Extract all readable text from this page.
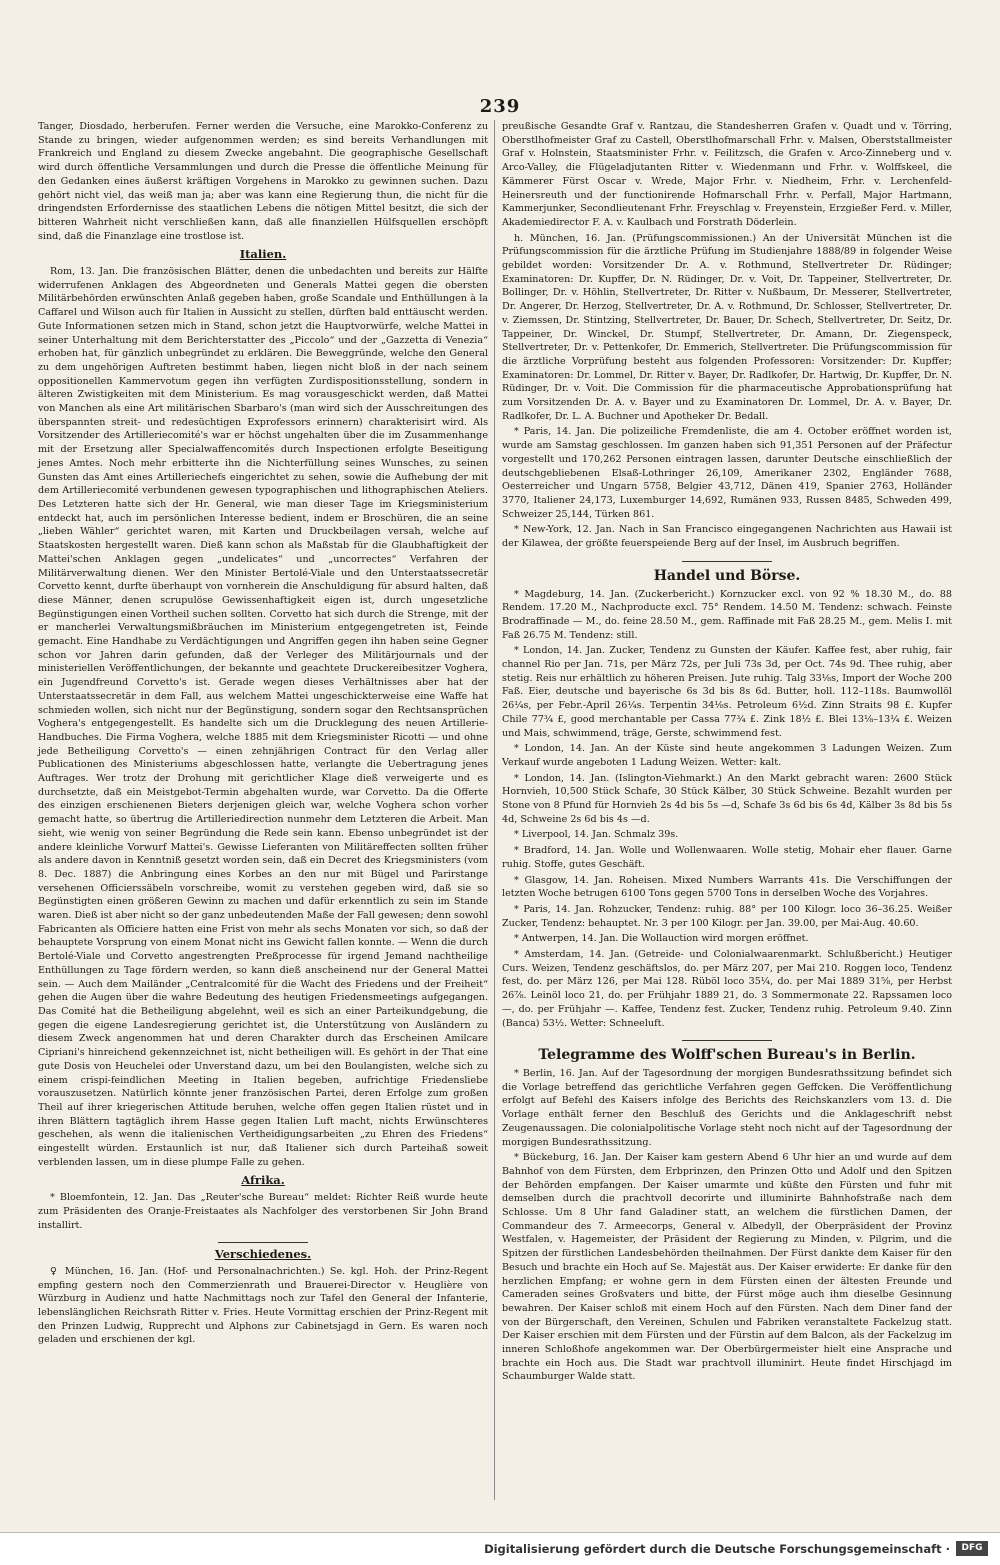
239

Tanger, Diosdado, herberufen. Ferner werden die Versuche, eine Marokko-Conferenz zu Stande zu bringen, wieder aufgenommen werden; es sind bereits Verhandlungen mit Frankreich und England zu diesem Zwecke angebahnt. Die geographische Gesellschaft wird durch öffentliche Versammlungen und durch die Presse die öffentliche Meinung für den Gedanken eines äußerst kräftigen Vorgehens in Marokko zu gewinnen suchen. Dazu gehört nicht viel, das weiß man ja; aber was kann eine Regierung thun, die nicht für die dringendsten Erfordernisse des staatlichen Lebens die nötigen Mittel besitzt, die sich der bitteren Wahrheit nicht verschließen kann, daß alle finanziellen Hülfsquellen erschöpft sind, daß die Finanzlage eine trostlose ist.

Italien.

Rom, 13. Jan. Die französischen Blätter, denen die unbedachten und bereits zur Hälfte widerrufenen Anklagen des Abgeordneten und Generals Mattei gegen die obersten Militärbehörden erwünschten Anlaß gegeben haben, große Scandale und Enthüllungen à la Caffarel und Wilson auch für Italien in Aussicht zu stellen, dürften bald enttäuscht werden. Gute Informationen setzen mich in Stand, schon jetzt die Hauptvorwürfe, welche Mattei in seiner Unterhaltung mit dem Berichterstatter des „Piccolo“ und der „Gazzetta di Venezia“ erhoben hat, für gänzlich unbegründet zu erklären. Die Beweggründe, welche den General zu dem ungehörigen Auftreten bestimmt haben, liegen nicht bloß in der nach seinem oppositionellen Kammervotum gegen ihn verfügten Zurdispositionsstellung, sondern in älteren Zwistigkeiten mit dem Ministerium. Es mag vorausgeschickt werden, daß Mattei von Manchen als eine Art militärischen Sbarbaro's (man wird sich der Ausschreitungen des überspannten streit- und redesüchtigen Exprofessors erinnern) charakterisirt wird. Als Vorsitzender des Artilleriecomité's war er höchst ungehalten über die im Zusammenhange mit der Ersetzung aller Specialwaffencomités durch Inspectionen erfolgte Beseitigung jenes Amtes. Noch mehr erbitterte ihn die Nichterfüllung seines Wunsches, zu seinen Gunsten das Amt eines Artilleriechefs eingerichtet zu sehen, sowie die Aufhebung der mit dem Artilleriecomité verbundenen gewesen typographischen und lithographischen Ateliers. Des Letzteren hatte sich der Hr. General, wie man dieser Tage im Kriegsministerium entdeckt hat, auch im persönlichen Interesse bedient, indem er Broschüren, die an seine „lieben Wähler“ gerichtet waren, mit Karten und Druckbeilagen versah, welche auf Staatskosten hergestellt waren. Dieß kann schon als Maßstab für die Glaubhaftigkeit der Mattei'schen Anklagen gegen „undelicates“ und „uncorrectes“ Verfahren der Militärverwaltung dienen. Wer den Minister Bertolé-Viale und den Unterstaatssecretär Corvetto kennt, durfte überhaupt von vornherein die Anschuldigung für absurd halten, daß diese Männer, denen scrupulöse Gewissenhaftigkeit eigen ist, durch ungesetzliche Begünstigungen einen Vortheil suchen sollten. Corvetto hat sich durch die Strenge, mit der er mancherlei Verwaltungsmißbräuchen im Ministerium entgegengetreten ist, Feinde gemacht. Eine Handhabe zu Verdächtigungen und Angriffen gegen ihn haben seine Gegner schon vor Jahren darin gefunden, daß der Verleger des Militärjournals und der ministeriellen Veröffentlichungen, der bekannte und geachtete Druckereibesitzer Voghera, ein Jugendfreund Corvetto's ist. Gerade wegen dieses Verhältnisses aber hat der Unterstaatssecretär in dem Fall, aus welchem Mattei ungeschickterweise eine Waffe hat schmieden wollen, sich nicht nur der Begünstigung, sondern sogar den Rechtsansprüchen Voghera's entgegengestellt. Es handelte sich um die Drucklegung des neuen Artillerie-Handbuches. Die Firma Voghera, welche 1885 mit dem Kriegsminister Ricotti — und ohne jede Betheiligung Corvetto's — einen zehnjährigen Contract für den Verlag aller Publicationen des Ministeriums abgeschlossen hatte, verlangte die Uebertragung jenes Auftrages. Wer trotz der Drohung mit gerichtlicher Klage dieß verweigerte und es durchsetzte, daß ein Meistgebot-Termin abgehalten wurde, war Corvetto. Da die Offerte des einzigen erschienenen Bieters derjenigen gleich war, welche Voghera schon vorher gemacht hatte, so übertrug die Artilleriedirection nunmehr dem Letzteren die Arbeit. Man sieht, wie wenig von seiner Begründung die Rede sein kann. Ebenso unbegründet ist der andere kleinliche Vorwurf Mattei's. Gewisse Lieferanten von Militäreffecten sollten früher als andere davon in Kenntniß gesetzt worden sein, daß ein Decret des Kriegsministers (vom 8. Dec. 1887) die Anbringung eines Korbes an den nur mit Bügel und Parirstange versehenen Officierssäbeln vorschreibe, womit zu verstehen gegeben wird, daß sie so Begünstigten einen größeren Gewinn zu machen und dafür erkenntlich zu sein im Stande waren. Dieß ist aber nicht so der ganz unbedeutenden Maße der Fall gewesen; denn sowohl Fabricanten als Officiere hatten eine Frist von mehr als sechs Monaten vor sich, so daß der behauptete Vorsprung von einem Monat nicht ins Gewicht fallen konnte. — Wenn die durch Bertolé-Viale und Corvetto angestrengten Preßprocesse für irgend Jemand nachtheilige Enthüllungen zu Tage fördern werden, so kann dieß anscheinend nur der General Mattei sein. — Auch dem Mailänder „Centralcomité für die Wacht des Friedens und der Freiheit“ gehen die Augen über die wahre Bedeutung des heutigen Friedensmeetings aufgegangen. Das Comité hat die Betheiligung abgelehnt, weil es sich an einer Parteikundgebung, die gegen die eigene Landesregierung gerichtet ist, die Unterstützung von Ausländern zu diesem Zweck angenommen hat und deren Charakter durch das Erscheinen Amilcare Cipriani's hinreichend gekennzeichnet ist, nicht betheiligen will. Es gehört in der That eine gute Dosis von Heuchelei oder Unverstand dazu, um bei den Boulangisten, welche sich zu einem crispi-feindlichen Meeting in Italien begeben, aufrichtige Friedensliebe vorauszusetzen. Natürlich könnte jener französischen Partei, deren Erfolge zum großen Theil auf ihrer kriegerischen Attitude beruhen, welche offen gegen Italien rüstet und in ihren Blättern tagtäglich ihrem Hasse gegen Italien Luft macht, nichts Erwünschteres geschehen, als wenn die italienischen Vertheidigungsarbeiten „zu Ehren des Friedens“ eingestellt würden. Erstaunlich ist nur, daß Italiener sich durch Parteihaß soweit verblenden lassen, um in diese plumpe Falle zu gehen.

Afrika.

* Bloemfontein, 12. Jan. Das „Reuter'sche Bureau“ meldet: Richter Reiß wurde heute zum Präsidenten des Oranje-Freistaates als Nachfolger des verstorbenen Sir John Brand installirt.

Verschiedenes.

♀ München, 16. Jan. (Hof- und Personalnachrichten.) Se. kgl. Hoh. der Prinz-Regent empfing gestern noch den Commerzienrath und Brauerei-Director v. Heuglière von Würzburg in Audienz und hatte Nachmittags noch zur Tafel den General der Infanterie, lebenslänglichen Reichsrath Ritter v. Fries. Heute Vormittag erschien der Prinz-Regent mit den Prinzen Ludwig, Rupprecht und Alphons zur Cabinetsjagd in Gern. Es waren noch geladen und erschienen der kgl.

preußische Gesandte Graf v. Rantzau, die Standesherren Grafen v. Quadt und v. Törring, Oberstlhofmeister Graf zu Castell, Oberstlhofmarschall Frhr. v. Malsen, Oberststallmeister Graf v. Holnstein, Staatsminister Frhr. v. Feilitzsch, die Grafen v. Arco-Zinneberg und v. Arco-Valley, die Flügeladjutanten Ritter v. Wiedenmann und Frhr. v. Wolffskeel, die Kämmerer Fürst Oscar v. Wrede, Major Frhr. v. Niedheim, Frhr. v. Lerchenfeld-Heinersreuth und der functionirende Hofmarschall Frhr. v. Perfall, Major Hartmann, Kammerjunker, Secondlieutenant Frhr. Freyschlag v. Freyenstein, Erzgießer Ferd. v. Miller, Akademiedirector F. A. v. Kaulbach und Forstrath Döderlein.

h. München, 16. Jan. (Prüfungscommissionen.) An der Universität München ist die Prüfungscommission für die ärztliche Prüfung im Studienjahre 1888/89 in folgender Weise gebildet worden: Vorsitzender Dr. A. v. Rothmund, Stellvertreter Dr. Rüdinger; Examinatoren: Dr. Kupffer, Dr. N. Rüdinger, Dr. v. Voit, Dr. Tappeiner, Stellvertreter, Dr. Bollinger, Dr. v. Höhlin, Stellvertreter, Dr. Ritter v. Nußbaum, Dr. Messerer, Stellvertreter, Dr. Angerer, Dr. Herzog, Stellvertreter, Dr. A. v. Rothmund, Dr. Schlosser, Stellvertreter, Dr. v. Ziemssen, Dr. Stintzing, Stellvertreter, Dr. Bauer, Dr. Schech, Stellvertreter, Dr. Seitz, Dr. Tappeiner, Dr. Winckel, Dr. Stumpf, Stellvertreter, Dr. Amann, Dr. Ziegenspeck, Stellvertreter, Dr. v. Pettenkofer, Dr. Emmerich, Stellvertreter. Die Prüfungscommission für die ärztliche Vorprüfung besteht aus folgenden Professoren: Vorsitzender: Dr. Kupffer; Examinatoren: Dr. Lommel, Dr. Ritter v. Bayer, Dr. Radlkofer, Dr. Hartwig, Dr. Kupffer, Dr. N. Rüdinger, Dr. v. Voit. Die Commission für die pharmaceutische Approbationsprüfung hat zum Vorsitzenden Dr. A. v. Bayer und zu Examinatoren Dr. Lommel, Dr. A. v. Bayer, Dr. Radlkofer, Dr. L. A. Buchner und Apotheker Dr. Bedall.

* Paris, 14. Jan. Die polizeiliche Fremdenliste, die am 4. October eröffnet worden ist, wurde am Samstag geschlossen. Im ganzen haben sich 91,351 Personen auf der Präfectur vorgestellt und 170,262 Personen eintragen lassen, darunter Deutsche einschließlich der deutschgebliebenen Elsaß-Lothringer 26,109, Amerikaner 2302, Engländer 7688, Oesterreicher und Ungarn 5758, Belgier 43,712, Dänen 419, Spanier 2763, Holländer 3770, Italiener 24,173, Luxemburger 14,692, Rumänen 933, Russen 8485, Schweden 499, Schweizer 25,144, Türken 861.

* New-York, 12. Jan. Nach in San Francisco eingegangenen Nachrichten aus Hawaii ist der Kilawea, der größte feuerspeiende Berg auf der Insel, im Ausbruch begriffen.

Handel und Börse.

* Magdeburg, 14. Jan. (Zuckerbericht.) Kornzucker excl. von 92 % 18.30 M., do. 88 Rendem. 17.20 M., Nachproducte excl. 75° Rendem. 14.50 M. Tendenz: schwach. Feinste Brodraffinade — M., do. feine 28.50 M., gem. Raffinade mit Faß 28.25 M., gem. Melis I. mit Faß 26.75 M. Tendenz: still.

* London, 14. Jan. Zucker, Tendenz zu Gunsten der Käufer. Kaffee fest, aber ruhig, fair channel Rio per Jan. 71s, per März 72s, per Juli 73s 3d, per Oct. 74s 9d. Thee ruhig, aber stetig. Reis nur erhältlich zu höheren Preisen. Jute ruhig. Talg 33⅛s, Import der Woche 200 Faß. Eier, deutsche und bayerische 6s 3d bis 8s 6d. Butter, holl. 112–118s. Baumwollöl 26¼s, per Febr.-April 26¼s. Terpentin 34⅛s. Petroleum 6½d. Zinn Straits 98 £. Kupfer Chile 77¾ £, good merchantable per Cassa 77¾ £. Zink 18½ £. Blei 13⅛–13¼ £. Weizen und Mais, schwimmend, träge, Gerste, schwimmend fest.

* London, 14. Jan. An der Küste sind heute angekommen 3 Ladungen Weizen. Zum Verkauf wurde angeboten 1 Ladung Weizen. Wetter: kalt.

* London, 14. Jan. (Islington-Viehmarkt.) An den Markt gebracht waren: 2600 Stück Hornvieh, 10,500 Stück Schafe, 30 Stück Kälber, 30 Stück Schweine. Bezahlt wurden per Stone von 8 Pfund für Hornvieh 2s 4d bis 5s —d, Schafe 3s 6d bis 6s 4d, Kälber 3s 8d bis 5s 4d, Schweine 2s 6d bis 4s —d.

* Liverpool, 14. Jan. Schmalz 39s.

* Bradford, 14. Jan. Wolle und Wollenwaaren. Wolle stetig, Mohair eher flauer. Garne ruhig. Stoffe, gutes Geschäft.

* Glasgow, 14. Jan. Roheisen. Mixed Numbers Warrants 41s. Die Verschiffungen der letzten Woche betrugen 6100 Tons gegen 5700 Tons in derselben Woche des Vorjahres.

* Paris, 14. Jan. Rohzucker, Tendenz: ruhig. 88° per 100 Kilogr. loco 36–36.25. Weißer Zucker, Tendenz: behauptet. Nr. 3 per 100 Kilogr. per Jan. 39.00, per Mai-Aug. 40.60.

* Antwerpen, 14. Jan. Die Wollauction wird morgen eröffnet.

* Amsterdam, 14. Jan. (Getreide- und Colonialwaarenmarkt. Schlußbericht.) Heutiger Curs. Weizen, Tendenz geschäftslos, do. per März 207, per Mai 210. Roggen loco, Tendenz fest, do. per März 126, per Mai 128. Rüböl loco 35¼, do. per Mai 1889 31⅝, per Herbst 26⅞. Leinöl loco 21, do. per Frühjahr 1889 21, do. 3 Sommermonate 22. Rapssamen loco —, do. per Frühjahr —. Kaffee, Tendenz fest. Zucker, Tendenz ruhig. Petroleum 9.40. Zinn (Banca) 53½. Wetter: Schneeluft.

Telegramme des Wolff'schen Bureau's in Berlin.

* Berlin, 16. Jan. Auf der Tagesordnung der morgigen Bundesrathssitzung befindet sich die Vorlage betreffend das gerichtliche Verfahren gegen Geffcken. Die Veröffentlichung erfolgt auf Befehl des Kaisers infolge des Berichts des Reichskanzlers vom 13. d. Die Vorlage enthält ferner den Beschluß des Gerichts und die Anklageschrift nebst Zeugenaussagen. Die colonialpolitische Vorlage steht noch nicht auf der Tagesordnung der morgigen Bundesrathssitzung.

* Bückeburg, 16. Jan. Der Kaiser kam gestern Abend 6 Uhr hier an und wurde auf dem Bahnhof von dem Fürsten, dem Erbprinzen, den Prinzen Otto und Adolf und den Spitzen der Behörden empfangen. Der Kaiser umarmte und küßte den Fürsten und fuhr mit demselben durch die prachtvoll decorirte und illuminirte Bahnhofstraße nach dem Schlosse. Um 8 Uhr fand Galadiner statt, an welchem die fürstlichen Damen, der Commandeur des 7. Armeecorps, General v. Albedyll, der Oberpräsident der Provinz Westfalen, v. Hagemeister, der Präsident der Regierung zu Minden, v. Pilgrim, und die Spitzen der fürstlichen Landesbehörden theilnahmen. Der Fürst dankte dem Kaiser für den Besuch und brachte ein Hoch auf Se. Majestät aus. Der Kaiser erwiderte: Er danke für den herzlichen Empfang; er wohne gern in dem Fürsten einen der ältesten Freunde und Cameraden seines Großvaters und bitte, der Fürst möge auch ihm dieselbe Gesinnung bewahren. Der Kaiser schloß mit einem Hoch auf den Fürsten. Nach dem Diner fand der von der Bürgerschaft, den Vereinen, Schulen und Fabriken veranstaltete Fackelzug statt. Der Kaiser erschien mit dem Fürsten und der Fürstin auf dem Balcon, als der Fackelzug im inneren Schloßhofe angekommen war. Der Oberbürgermeister hielt eine Ansprache und brachte ein Hoch aus. Die Stadt war prachtvoll illuminirt. Heute findet Hirschjagd im Schaumburger Walde statt.

Digitalisierung gefördert durch die Deutsche Forschungsgemeinschaft ·	DFG
